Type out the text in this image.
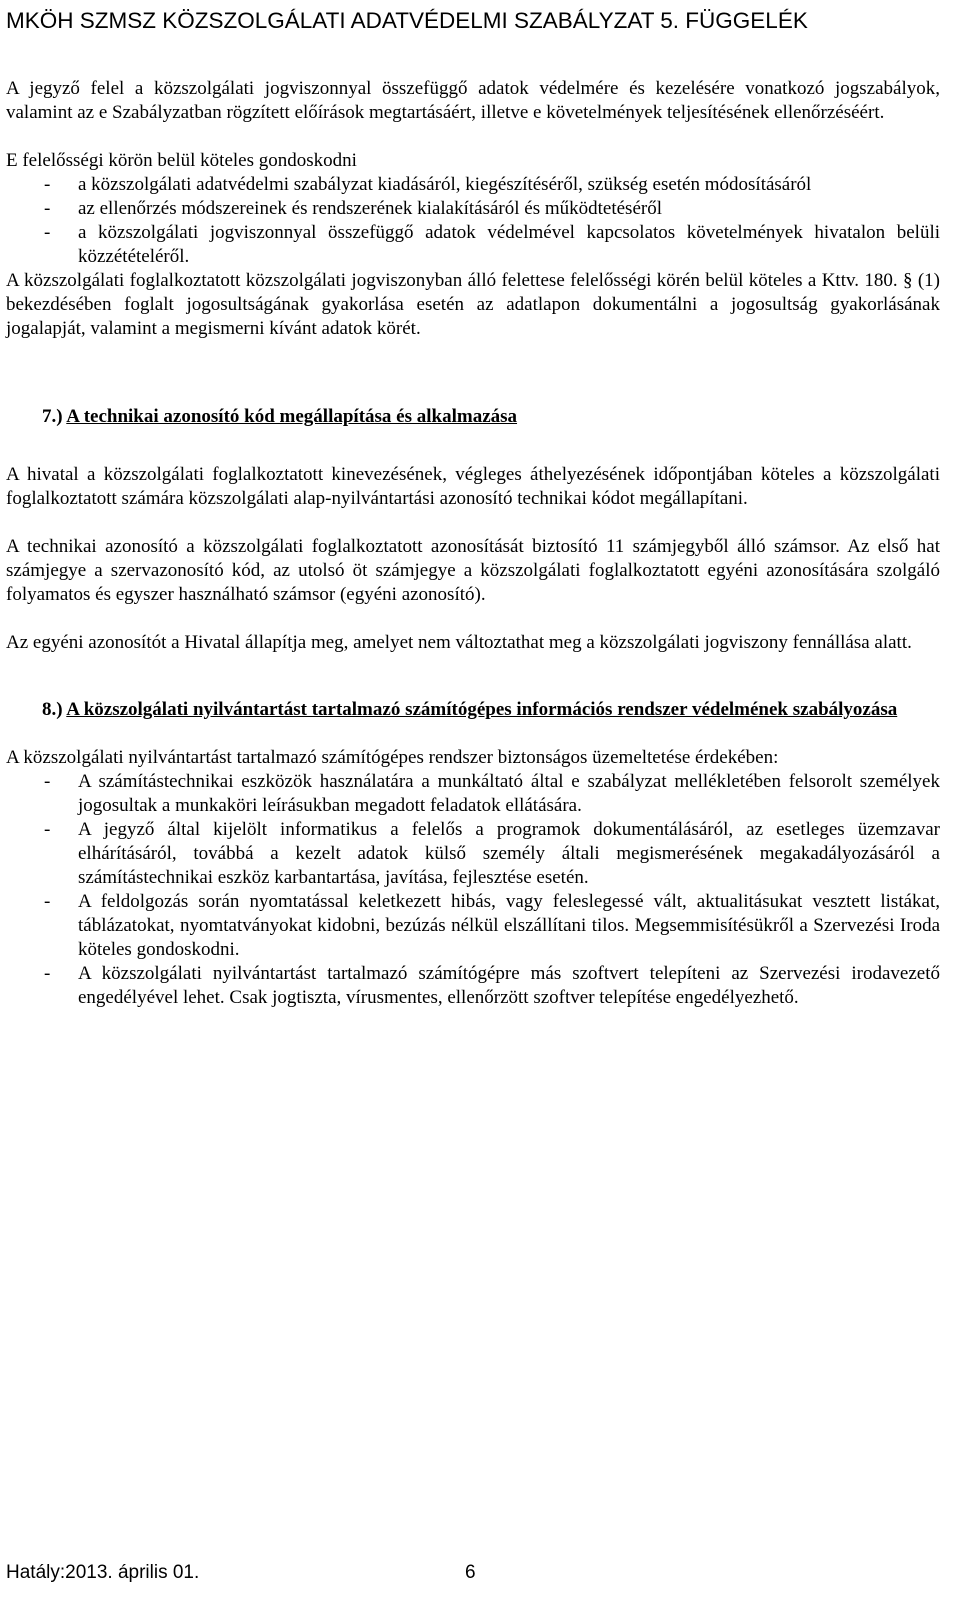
MKÖH SZMSZ KÖZSZOLGÁLATI ADATVÉDELMI SZABÁLYZAT 5. FÜGGELÉK

A jegyző felel a közszolgálati jogviszonnyal összefüggő adatok védelmére és kezelésére vonatkozó jogszabályok, valamint az e Szabályzatban rögzített előírások megtartásáért, illetve e követelmények teljesítésének ellenőrzéséért.

E felelősségi körön belül köteles gondoskodni

- a közszolgálati adatvédelmi szabályzat kiadásáról, kiegészítéséről, szükség esetén módosításáról

- az ellenőrzés módszereinek és rendszerének kialakításáról és működtetéséről

- a közszolgálati jogviszonnyal összefüggő adatok védelmével kapcsolatos követelmények hivatalon belüli közzétételéről.

A közszolgálati foglalkoztatott közszolgálati jogviszonyban álló felettese felelősségi körén belül köteles a Kttv. 180. § (1) bekezdésében foglalt jogosultságának gyakorlása esetén az adatlapon dokumentálni a jogosultság gyakorlásának jogalapját, valamint a megismerni kívánt adatok körét.

7.) A technikai azonosító kód megállapítása és alkalmazása

A hivatal a közszolgálati foglalkoztatott kinevezésének, végleges áthelyezésének időpontjában köteles a közszolgálati foglalkoztatott számára közszolgálati alap-nyilvántartási azonosító technikai kódot megállapítani.

A technikai azonosító a közszolgálati foglalkoztatott azonosítását biztosító 11 számjegyből álló számsor. Az első hat számjegye a szervazonosító kód, az utolsó öt számjegye a közszolgálati foglalkoztatott egyéni azonosítására szolgáló folyamatos és egyszer használható számsor (egyéni azonosító).

Az egyéni azonosítót a Hivatal állapítja meg, amelyet nem változtathat meg a közszolgálati jogviszony fennállása alatt.

8.) A közszolgálati nyilvántartást tartalmazó számítógépes információs rendszer védelmének szabályozása

A közszolgálati nyilvántartást tartalmazó számítógépes rendszer biztonságos üzemeltetése érdekében:

- A számítástechnikai eszközök használatára a munkáltató által e szabályzat mellékletében felsorolt személyek jogosultak a munkaköri leírásukban megadott feladatok ellátására.

- A jegyző által kijelölt informatikus a felelős a programok dokumentálásáról, az esetleges üzemzavar elhárításáról, továbbá a kezelt adatok külső személy általi megismerésének megakadályozásáról a számítástechnikai eszköz karbantartása, javítása, fejlesztése esetén.

- A feldolgozás során nyomtatással keletkezett hibás, vagy feleslegessé vált, aktualitásukat vesztett listákat, táblázatokat, nyomtatványokat kidobni, bezúzás nélkül elszállítani tilos. Megsemmisítésükről a Szervezési Iroda köteles gondoskodni.

- A közszolgálati nyilvántartást tartalmazó számítógépre más szoftvert telepíteni az Szervezési irodavezető engedélyével lehet. Csak jogtiszta, vírusmentes, ellenőrzött szoftver telepítése engedélyezhető.

Hatály:2013. április 01.	6
